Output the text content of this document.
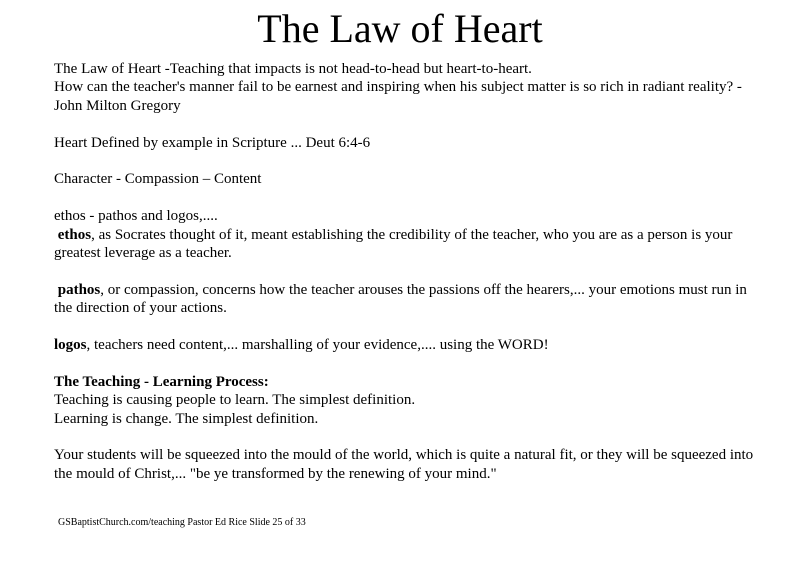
The Law of Heart

The Law of Heart -Teaching that impacts is not head-to-head but heart-to-heart.

How can the teacher's manner fail to be earnest and inspiring when his subject matter is so rich in radiant reality? - John Milton Gregory

Heart Defined by example in Scripture ... Deut 6:4-6

Character - Compassion – Content

ethos - pathos and logos,....

ethos, as Socrates thought of it, meant establishing the credibility of the teacher, who you are as a person is your greatest leverage as a teacher.

pathos, or compassion, concerns how the teacher arouses the passions off the hearers,... your emotions must run in the direction of your actions.

logos, teachers need content,... marshalling of your evidence,.... using the WORD!

The Teaching - Learning Process:

Teaching is causing people to learn. The simplest definition.

Learning is change. The simplest definition.

Your students will be squeezed into the mould of the world, which is quite a natural fit, or they will be squeezed into the mould of Christ,... "be ye transformed by the renewing of your mind."

GSBaptistChurch.com/teaching Pastor Ed Rice Slide 25 of 33
